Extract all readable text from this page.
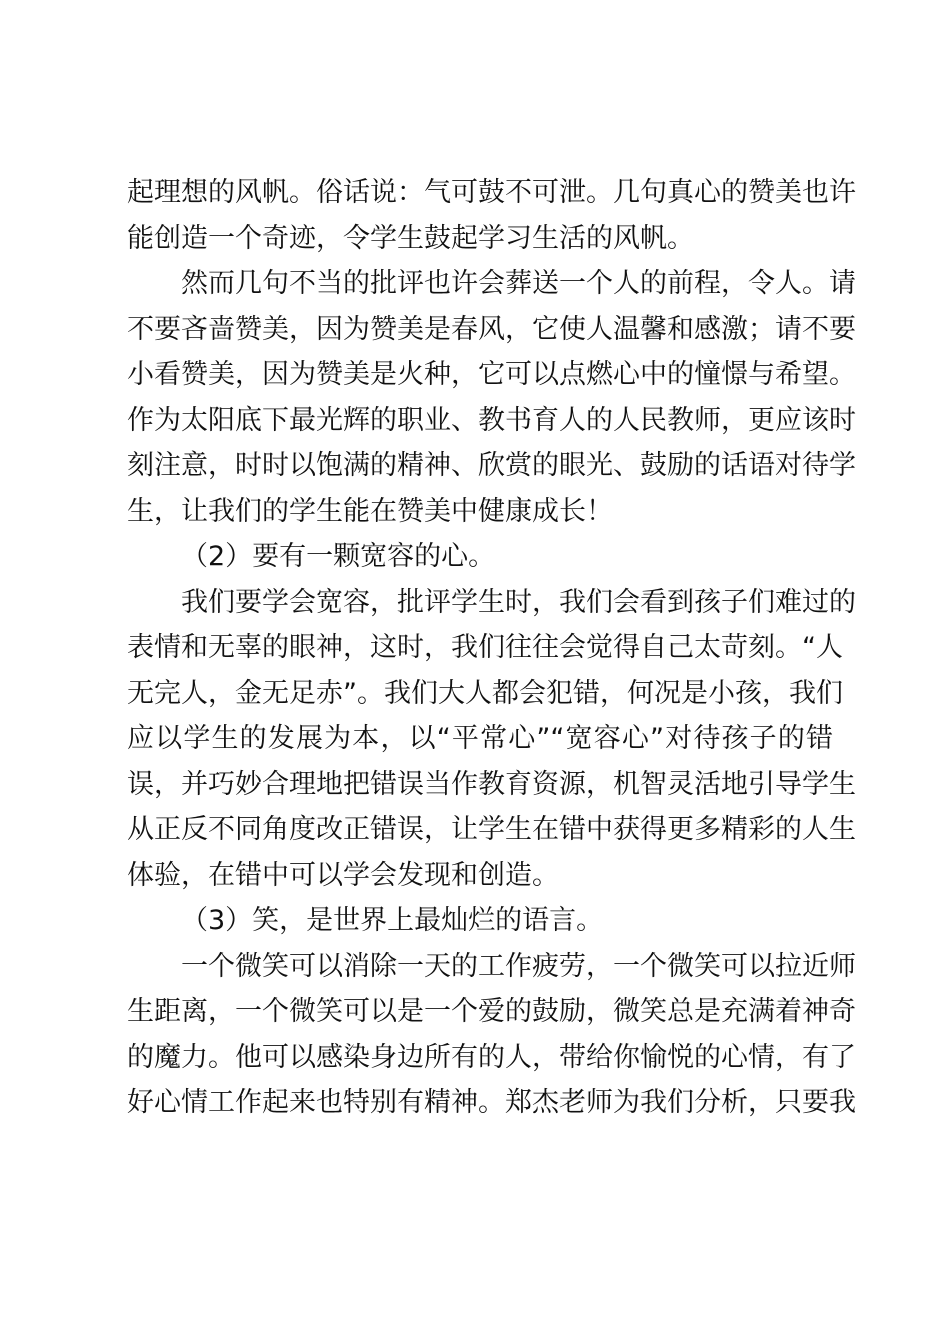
起理想的风帆。俗话说：气可鼓不可泄。几句真心的赞美也许
能创造一个奇迹，令学生鼓起学习生活的风帆。
然而几句不当的批评也许会葬送一个人的前程，令人。请
不要吝啬赞美，因为赞美是春风，它使人温馨和感激；请不要
小看赞美，因为赞美是火种，它可以点燃心中的憧憬与希望。
作为太阳底下最光辉的职业、教书育人的人民教师，更应该时
刻注意，时时以饱满的精神、欣赏的眼光、鼓励的话语对待学
生，让我们的学生能在赞美中健康成长！
（2）要有一颗宽容的心。
我们要学会宽容，批评学生时，我们会看到孩子们难过的
表情和无辜的眼神，这时，我们往往会觉得自己太苛刻。“人
无完人，金无足赤”。我们大人都会犯错，何况是小孩，我们
应以学生的发展为本，以“平常心”“宽容心”对待孩子的错
误，并巧妙合理地把错误当作教育资源，机智灵活地引导学生
从正反不同角度改正错误，让学生在错中获得更多精彩的人生
体验，在错中可以学会发现和创造。
（3）笑，是世界上最灿烂的语言。
一个微笑可以消除一天的工作疲劳，一个微笑可以拉近师
生距离，一个微笑可以是一个爱的鼓励，微笑总是充满着神奇
的魔力。他可以感染身边所有的人，带给你愉悦的心情，有了
好心情工作起来也特别有精神。郑杰老师为我们分析，只要我
